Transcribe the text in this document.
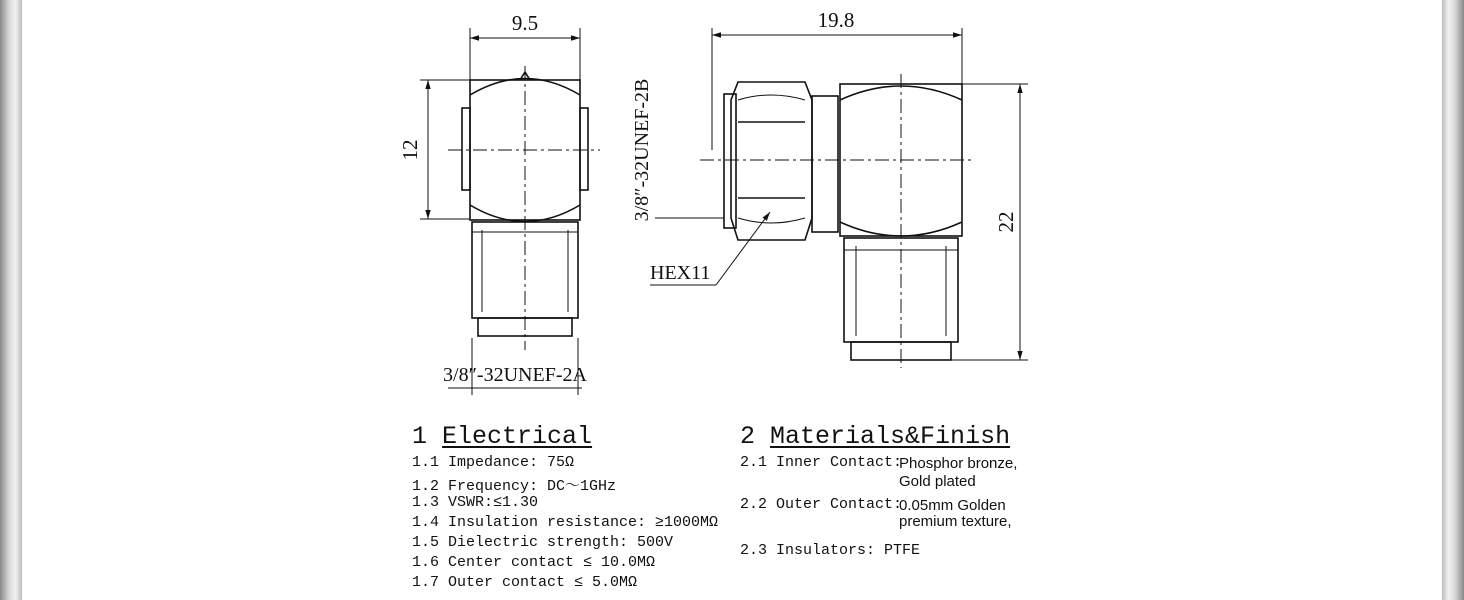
9.5
12
3/8″-32UNEF-2A
19.8
3/8″-32UNEF-2B
HEX11
22
1 Electrical
1.1 Impedance: 75Ω
1.2 Frequency: DC～1GHz
1.3 VSWR:≤1.30
1.4 Insulation resistance: ≥1000MΩ
1.5 Dielectric strength: 500V
1.6 Center contact ≤ 10.0MΩ
1.7 Outer contact ≤ 5.0MΩ
2 Materials&Finish
2.1 Inner Contact:
Phosphor bronze,
Gold plated
2.2 Outer Contact:
0.05mm Golden
premium texture,
2.3 Insulators: PTFE
